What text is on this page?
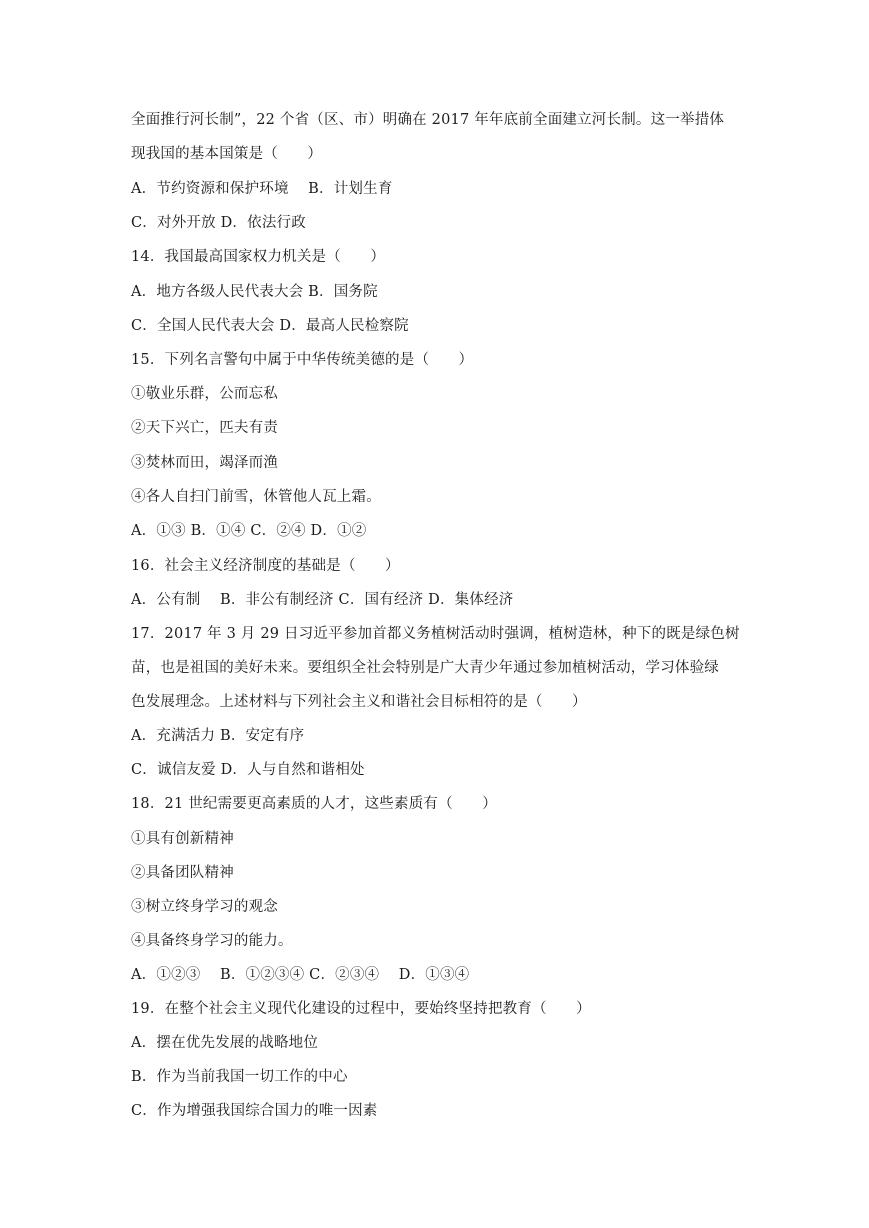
全面推行河长制”，22 个省（区、市）明确在 2017 年年底前全面建立河长制。这一举措体
现我国的基本国策是（　　）
A．节约资源和保护环境　 B．计划生育
C．对外开放 D．依法行政
14．我国最高国家权力机关是（　　）
A．地方各级人民代表大会 B．国务院
C．全国人民代表大会 D．最高人民检察院
15．下列名言警句中属于中华传统美德的是（　　）
①敬业乐群，公而忘私
②天下兴亡，匹夫有责
③焚林而田，竭泽而渔
④各人自扫门前雪，休管他人瓦上霜。
A．①③ B．①④ C．②④ D．①②
16．社会主义经济制度的基础是（　　）
A．公有制　 B．非公有制经济 C．国有经济 D．集体经济
17．2017 年 3 月 29 日习近平参加首都义务植树活动时强调，植树造林，种下的既是绿色树
苗，也是祖国的美好未来。要组织全社会特别是广大青少年通过参加植树活动，学习体验绿
色发展理念。上述材料与下列社会主义和谐社会目标相符的是（　　）
A．充满活力 B．安定有序
C．诚信友爱 D．人与自然和谐相处
18．21 世纪需要更高素质的人才，这些素质有（　　）
①具有创新精神
②具备团队精神
③树立终身学习的观念
④具备终身学习的能力。
A．①②③　 B．①②③④ C．②③④　 D．①③④
19．在整个社会主义现代化建设的过程中，要始终坚持把教育（　　）
A．摆在优先发展的战略地位
B．作为当前我国一切工作的中心
C．作为增强我国综合国力的唯一因素
